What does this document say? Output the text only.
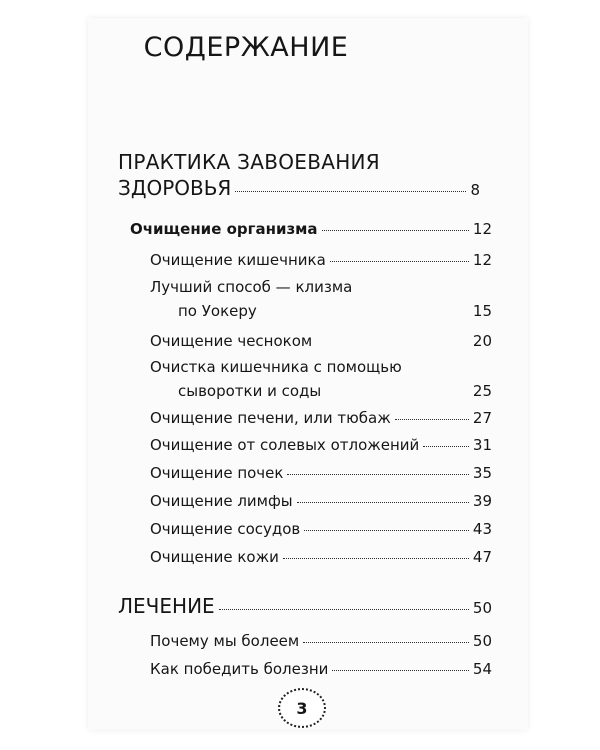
СОДЕРЖАНИЕ
ПРАКТИКА ЗАВОЕВАНИЯ
ЗДОРОВЬЯ	8
Очищение организма	12
Очищение кишечника	12
Лучший способ — клизма
по Уокеру	15
Очищение чесноком	20
Очистка кишечника с помощью
сыворотки и соды	25
Очищение печени, или тюбаж	27
Очищение от солевых отложений	31
Очищение почек	35
Очищение лимфы	39
Очищение сосудов	43
Очищение кожи	47
ЛЕЧЕНИЕ	50
Почему мы болеем	50
Как победить болезни	54
3
